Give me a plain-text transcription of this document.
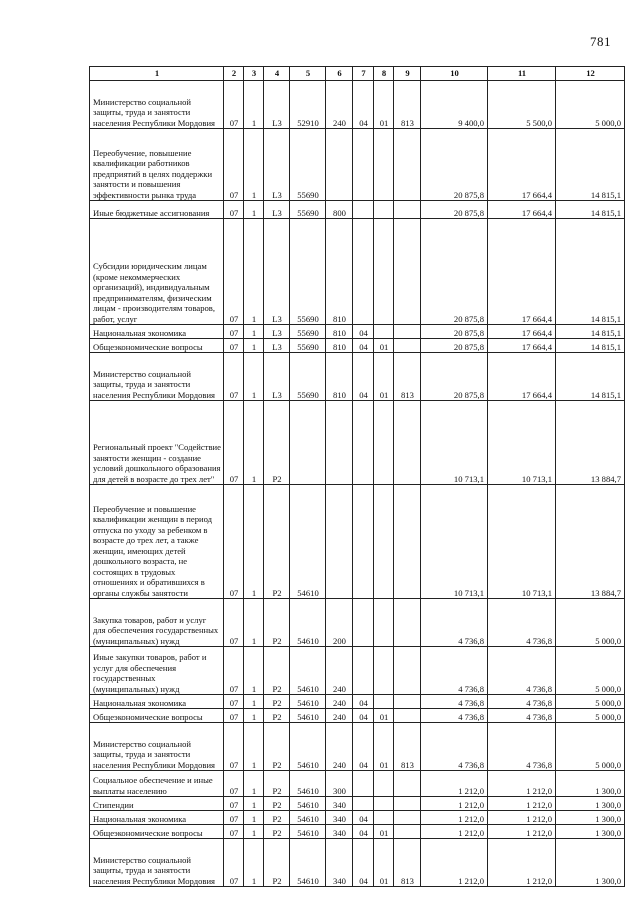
781
1	2	3	4	5	6	7	8	9	10	11	12
Министерство социальной защиты, труда и занятости населения Республики Мордовия	07	1	L3	52910	240	04	01	813	9 400,0	5 500,0	5 000,0
Переобучение, повышение квалификации работников предприятий в целях поддержки занятости и повышения эффективности рынка труда	07	1	L3	55690					20 875,8	17 664,4	14 815,1
Иные бюджетные ассигнования	07	1	L3	55690	800				20 875,8	17 664,4	14 815,1
Субсидии юридическим лицам (кроме некоммерческих организаций), индивидуальным предпринимателям, физическим лицам - производителям товаров, работ, услуг	07	1	L3	55690	810				20 875,8	17 664,4	14 815,1
Национальная экономика	07	1	L3	55690	810	04			20 875,8	17 664,4	14 815,1
Общеэкономические вопросы	07	1	L3	55690	810	04	01		20 875,8	17 664,4	14 815,1
Министерство социальной защиты, труда и занятости населения Республики Мордовия	07	1	L3	55690	810	04	01	813	20 875,8	17 664,4	14 815,1
Региональный проект "Содействие занятости женщин - создание условий дошкольного образования для детей в возрасте до трех лет"	07	1	P2						10 713,1	10 713,1	13 884,7
Переобучение и повышение квалификации женщин в период отпуска по уходу за ребенком в возрасте до трех лет, а также женщин, имеющих детей дошкольного возраста, не состоящих в трудовых отношениях и обратившихся в органы службы занятости	07	1	P2	54610					10 713,1	10 713,1	13 884,7
Закупка товаров, работ и услуг для обеспечения государственных (муниципальных) нужд	07	1	P2	54610	200				4 736,8	4 736,8	5 000,0
Иные закупки товаров, работ и услуг для обеспечения государственных (муниципальных) нужд	07	1	P2	54610	240				4 736,8	4 736,8	5 000,0
Национальная экономика	07	1	P2	54610	240	04			4 736,8	4 736,8	5 000,0
Общеэкономические вопросы	07	1	P2	54610	240	04	01		4 736,8	4 736,8	5 000,0
Министерство социальной защиты, труда и занятости населения Республики Мордовия	07	1	P2	54610	240	04	01	813	4 736,8	4 736,8	5 000,0
Социальное обеспечение и иные выплаты населению	07	1	P2	54610	300				1 212,0	1 212,0	1 300,0
Стипендии	07	1	P2	54610	340				1 212,0	1 212,0	1 300,0
Национальная экономика	07	1	P2	54610	340	04			1 212,0	1 212,0	1 300,0
Общеэкономические вопросы	07	1	P2	54610	340	04	01		1 212,0	1 212,0	1 300,0
Министерство социальной защиты, труда и занятости населения Республики Мордовия	07	1	P2	54610	340	04	01	813	1 212,0	1 212,0	1 300,0
